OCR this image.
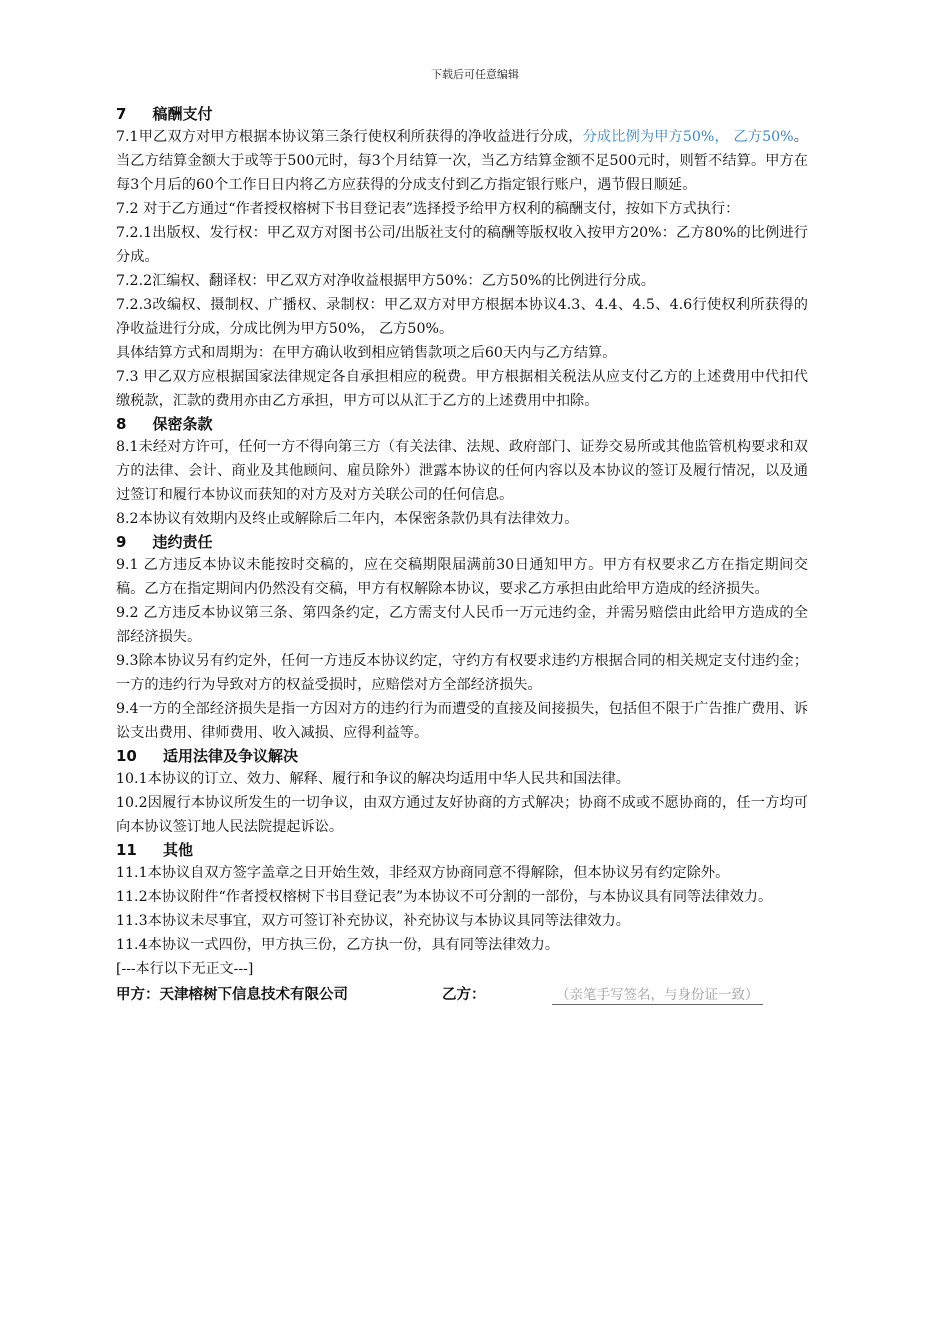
下载后可任意编辑
7     稿酬支付

7.1甲乙双方对甲方根据本协议第三条行使权利所获得的净收益进行分成，分成比例为甲方50%， 乙方50%。当乙方结算金额大于或等于500元时，每3个月结算一次，当乙方结算金额不足500元时，则暂不结算。甲方在每3个月后的60个工作日日内将乙方应获得的分成支付到乙方指定银行账户，遇节假日顺延。

7.2 对于乙方通过“作者授权榕树下书目登记表”选择授予给甲方权利的稿酬支付，按如下方式执行：

7.2.1出版权、发行权：甲乙双方对图书公司/出版社支付的稿酬等版权收入按甲方20%：乙方80%的比例进行分成。

7.2.2汇编权、翻译权：甲乙双方对净收益根据甲方50%：乙方50%的比例进行分成。

7.2.3改编权、摄制权、广播权、录制权：甲乙双方对甲方根据本协议4.3、4.4、4.5、4.6行使权利所获得的净收益进行分成，分成比例为甲方50%， 乙方50%。

具体结算方式和周期为：在甲方确认收到相应销售款项之后60天内与乙方结算。

7.3 甲乙双方应根据国家法律规定各自承担相应的税费。甲方根据相关税法从应支付乙方的上述费用中代扣代缴税款，汇款的费用亦由乙方承担，甲方可以从汇于乙方的上述费用中扣除。

8     保密条款

8.1未经对方许可，任何一方不得向第三方（有关法律、法规、政府部门、证券交易所或其他监管机构要求和双方的法律、会计、商业及其他顾问、雇员除外）泄露本协议的任何内容以及本协议的签订及履行情况，以及通过签订和履行本协议而获知的对方及对方关联公司的任何信息。

8.2本协议有效期内及终止或解除后二年内，本保密条款仍具有法律效力。

9     违约责任

9.1 乙方违反本协议未能按时交稿的，应在交稿期限届满前30日通知甲方。甲方有权要求乙方在指定期间交稿。乙方在指定期间内仍然没有交稿，甲方有权解除本协议，要求乙方承担由此给甲方造成的经济损失。

9.2 乙方违反本协议第三条、第四条约定，乙方需支付人民币一万元违约金，并需另赔偿由此给甲方造成的全部经济损失。

9.3除本协议另有约定外，任何一方违反本协议约定，守约方有权要求违约方根据合同的相关规定支付违约金；一方的违约行为导致对方的权益受损时，应赔偿对方全部经济损失。

9.4一方的全部经济损失是指一方因对方的违约行为而遭受的直接及间接损失，包括但不限于广告推广费用、诉讼支出费用、律师费用、收入减损、应得利益等。

10     适用法律及争议解决

10.1本协议的订立、效力、解释、履行和争议的解决均适用中华人民共和国法律。

10.2因履行本协议所发生的一切争议，由双方通过友好协商的方式解决；协商不成或不愿协商的，任一方均可向本协议签订地人民法院提起诉讼。

11     其他

11.1本协议自双方签字盖章之日开始生效，非经双方协商同意不得解除，但本协议另有约定除外。

11.2本协议附件“作者授权榕树下书目登记表”为本协议不可分割的一部份，与本协议具有同等法律效力。

11.3本协议未尽事宜，双方可签订补充协议，补充协议与本协议具同等法律效力。

11.4本协议一式四份，甲方执三份，乙方执一份，具有同等法律效力。

[---本行以下无正文---]

甲方：天津榕树下信息技术有限公司	乙方：	（亲笔手写签名，与身份证一致）
